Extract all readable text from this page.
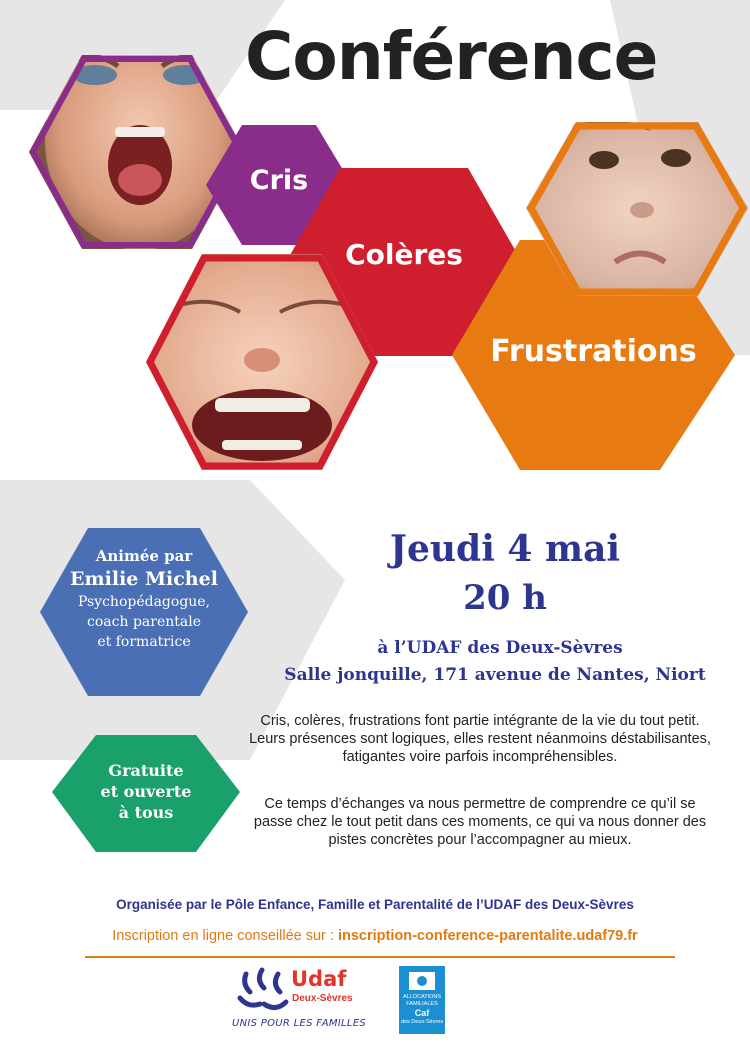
Conférence
Cris
Colères
Frustrations
Animée par
Emilie Michel
Psychopédagogue,
coach parentale
et formatrice
Gratuite
et ouverte
à tous
Jeudi 4 mai
20 h
à l’UDAF des Deux-Sèvres
Salle jonquille, 171 avenue de Nantes, Niort
Cris, colères, frustrations font partie intégrante de la vie du tout petit.
Leurs présences sont logiques, elles restent néanmoins déstabilisantes,
fatigantes voire parfois incompréhensibles.
Ce temps d’échanges va nous permettre de comprendre ce qu’il se
passe chez le tout petit dans ces moments, ce qui va nous donner des
pistes concrètes pour l’accompagner au mieux.
Organisée par le Pôle Enfance, Famille et Parentalité de l’UDAF des Deux-Sèvres
Inscription en ligne conseillée sur : inscription-conference-parentalite.udaf79.fr
Udaf
Deux-Sèvres
UNIS POUR LES FAMILLES
ALLOCATIONS
FAMILIALES
Caf
des Deux-Sèvres
